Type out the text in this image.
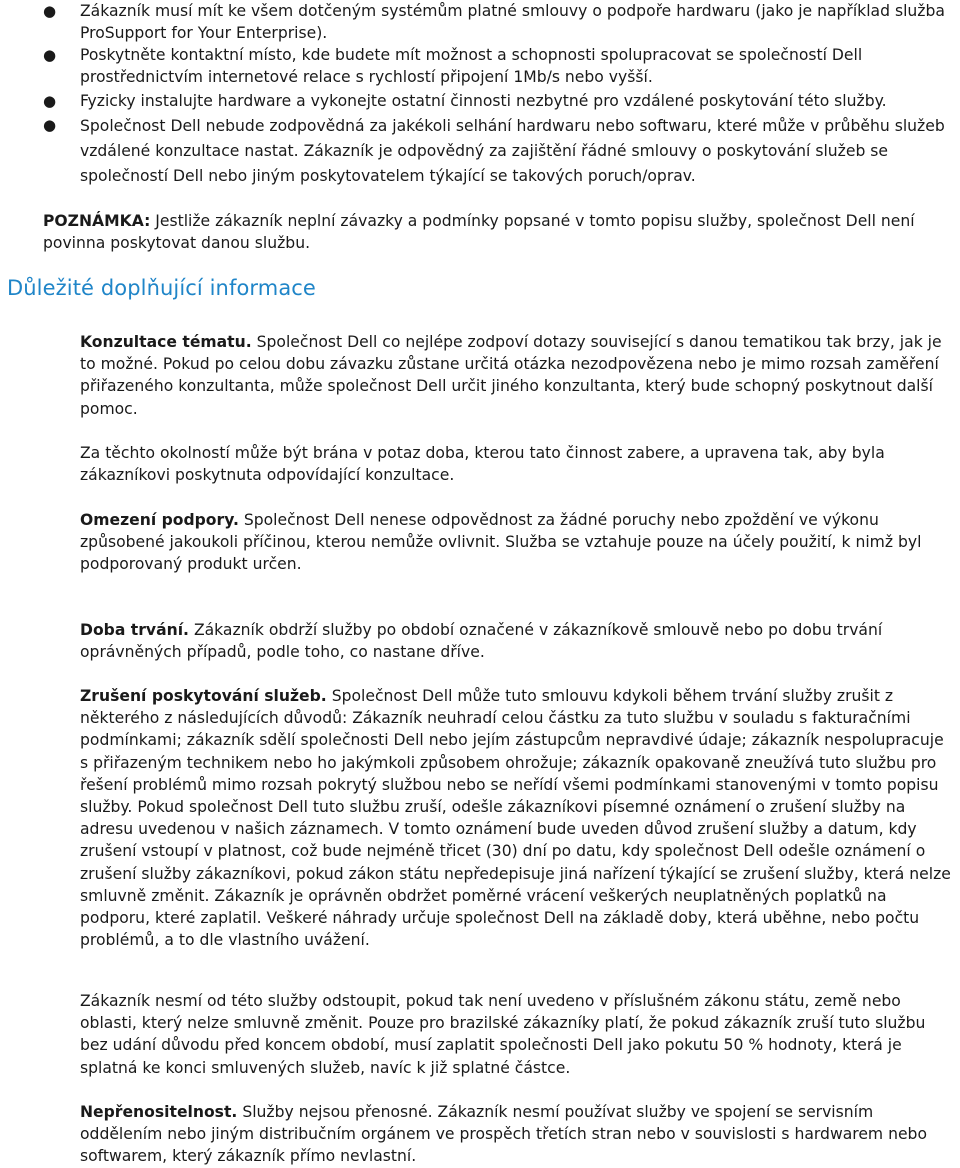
● Zákazník musí mít ke všem dotčeným systémům platné smlouvy o podpoře hardwaru (jako je například služba ProSupport for Your Enterprise).
● Poskytněte kontaktní místo, kde budete mít možnost a schopnosti spolupracovat se společností Dell prostřednictvím internetové relace s rychlostí připojení 1Mb/s nebo vyšší.
● Fyzicky instalujte hardware a vykonejte ostatní činnosti nezbytné pro vzdálené poskytování této služby.
● Společnost Dell nebude zodpovědná za jakékoli selhání hardwaru nebo softwaru, které může v průběhu služeb vzdálené konzultace nastat. Zákazník je odpovědný za zajištění řádné smlouvy o poskytování služeb se společností Dell nebo jiným poskytovatelem týkající se takových poruch/oprav.
POZNÁMKA: Jestliže zákazník neplní závazky a podmínky popsané v tomto popisu služby, společnost Dell není povinna poskytovat danou službu.
Důležité doplňující informace

Konzultace tématu. Společnost Dell co nejlépe zodpoví dotazy související s danou tematikou tak brzy, jak je to možné. Pokud po celou dobu závazku zůstane určitá otázka nezodpovězena nebo je mimo rozsah zaměření přiřazeného konzultanta, může společnost Dell určit jiného konzultanta, který bude schopný poskytnout další pomoc.

Za těchto okolností může být brána v potaz doba, kterou tato činnost zabere, a upravena tak, aby byla zákazníkovi poskytnuta odpovídající konzultace.

Omezení podpory. Společnost Dell nenese odpovědnost za žádné poruchy nebo zpoždění ve výkonu způsobené jakoukoli příčinou, kterou nemůže ovlivnit. Služba se vztahuje pouze na účely použití, k nimž byl podporovaný produkt určen.

Doba trvání. Zákazník obdrží služby po období označené v zákazníkově smlouvě nebo po dobu trvání oprávněných případů, podle toho, co nastane dříve.

Zrušení poskytování služeb. Společnost Dell může tuto smlouvu kdykoli během trvání služby zrušit z některého z následujících důvodů: Zákazník neuhradí celou částku za tuto službu v souladu s fakturačními podmínkami; zákazník sdělí společnosti Dell nebo jejím zástupcům nepravdivé údaje; zákazník nespolupracuje s přiřazeným technikem nebo ho jakýmkoli způsobem ohrožuje; zákazník opakovaně zneužívá tuto službu pro řešení problémů mimo rozsah pokrytý službou nebo se neřídí všemi podmínkami stanovenými v tomto popisu služby. Pokud společnost Dell tuto službu zruší, odešle zákazníkovi písemné oznámení o zrušení služby na adresu uvedenou v našich záznamech. V tomto oznámení bude uveden důvod zrušení služby a datum, kdy zrušení vstoupí v platnost, což bude nejméně třicet (30) dní po datu, kdy společnost Dell odešle oznámení o zrušení služby zákazníkovi, pokud zákon státu nepředepisuje jiná nařízení týkající se zrušení služby, která nelze smluvně změnit. Zákazník je oprávněn obdržet poměrné vrácení veškerých neuplatněných poplatků na podporu, které zaplatil. Veškeré náhrady určuje společnost Dell na základě doby, která uběhne, nebo počtu problémů, a to dle vlastního uvážení.

Zákazník nesmí od této služby odstoupit, pokud tak není uvedeno v příslušném zákonu státu, země nebo oblasti, který nelze smluvně změnit. Pouze pro brazilské zákazníky platí, že pokud zákazník zruší tuto službu bez udání důvodu před koncem období, musí zaplatit společnosti Dell jako pokutu 50 % hodnoty, která je splatná ke konci smluvených služeb, navíc k již splatné částce.

Nepřenositelnost. Služby nejsou přenosné. Zákazník nesmí používat služby ve spojení se servisním oddělením nebo jiným distribučním orgánem ve prospěch třetích stran nebo v souvislosti s hardwarem nebo softwarem, který zákazník přímo nevlastní.
